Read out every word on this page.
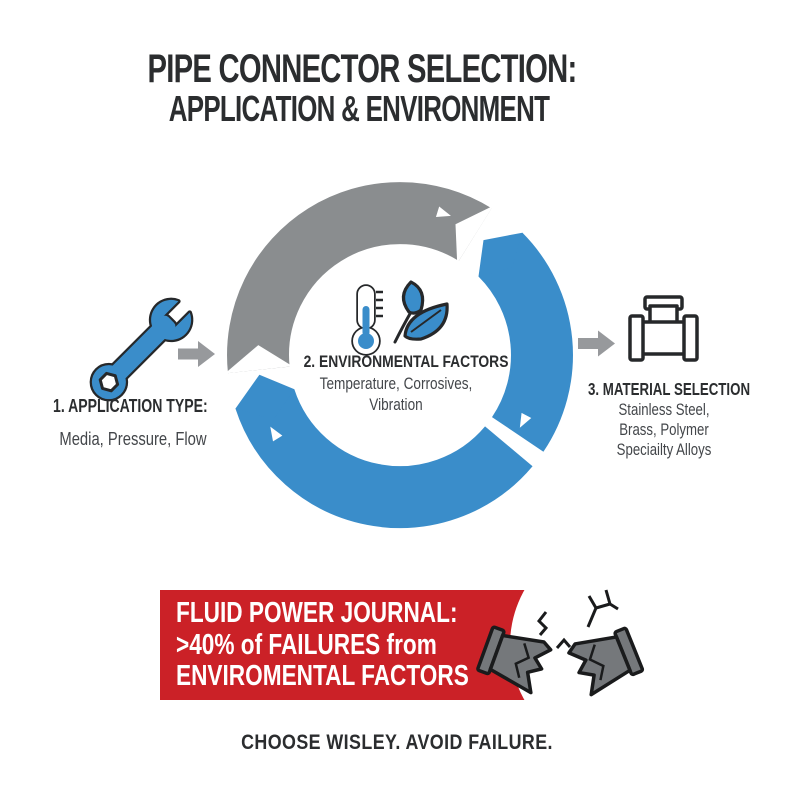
PIPE CONNECTOR SELECTION:
APPLICATION & ENVIRONMENT
1. APPLICATION TYPE:
Media, Pressure, Flow
2. ENVIRONMENTAL FACTORS
Temperature, Corrosives,
Vibration
3. MATERIAL SELECTION
Stainless Steel,
Brass, Polymer
Speciailty Alloys
FLUID POWER JOURNAL:
>40% of FAILURES from
ENVIROMENTAL FACTORS
CHOOSE WISLEY. AVOID FAILURE.
